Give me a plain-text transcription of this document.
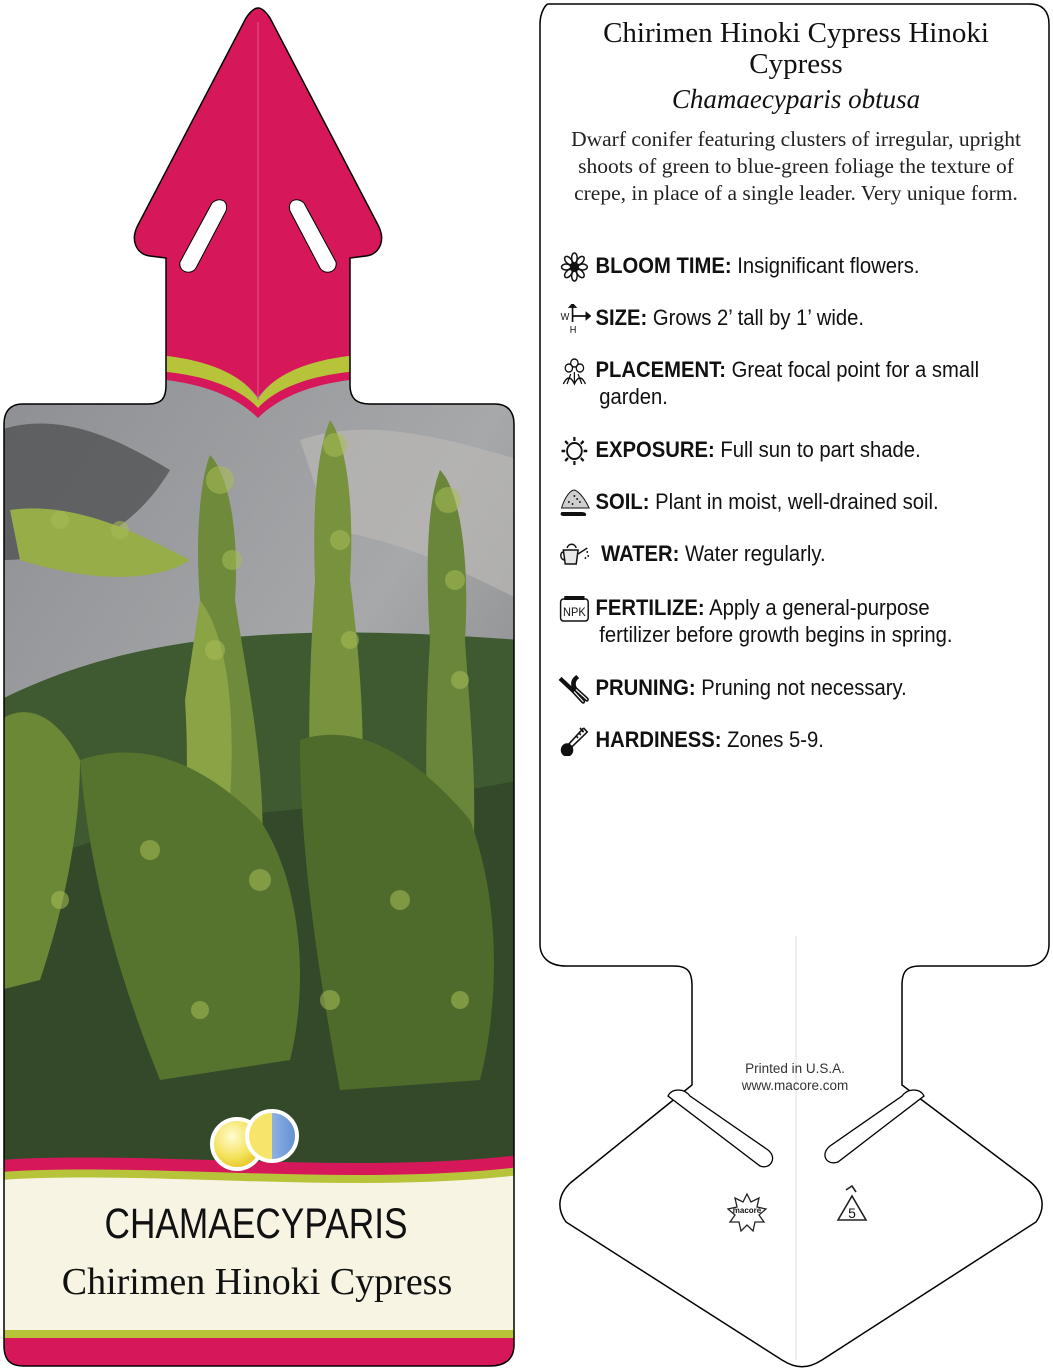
CHAMAECYPARIS
Chirimen Hinoki Cypress
Chirimen Hinoki Cypress Hinoki Cypress
Chamaecyparis obtusa
Dwarf conifer featuring clusters of irregular, upright shoots of green to blue-green foliage the texture of crepe, in place of a single leader. Very unique form.
BLOOM TIME: Insignificant flowers.
W
H
SIZE: Grows 2’ tall by 1’ wide.
PLACEMENT: Great focal point for a small
garden.
EXPOSURE: Full sun to part shade.
SOIL: Plant in moist, well-drained soil.
WATER: Water regularly.
NPK FERTILIZE: Apply a general-purpose
fertilizer before growth begins in spring.
PRUNING: Pruning not necessary.
HARDINESS: Zones 5-9.
Printed in U.S.A.
www.macore.com
macore	5
